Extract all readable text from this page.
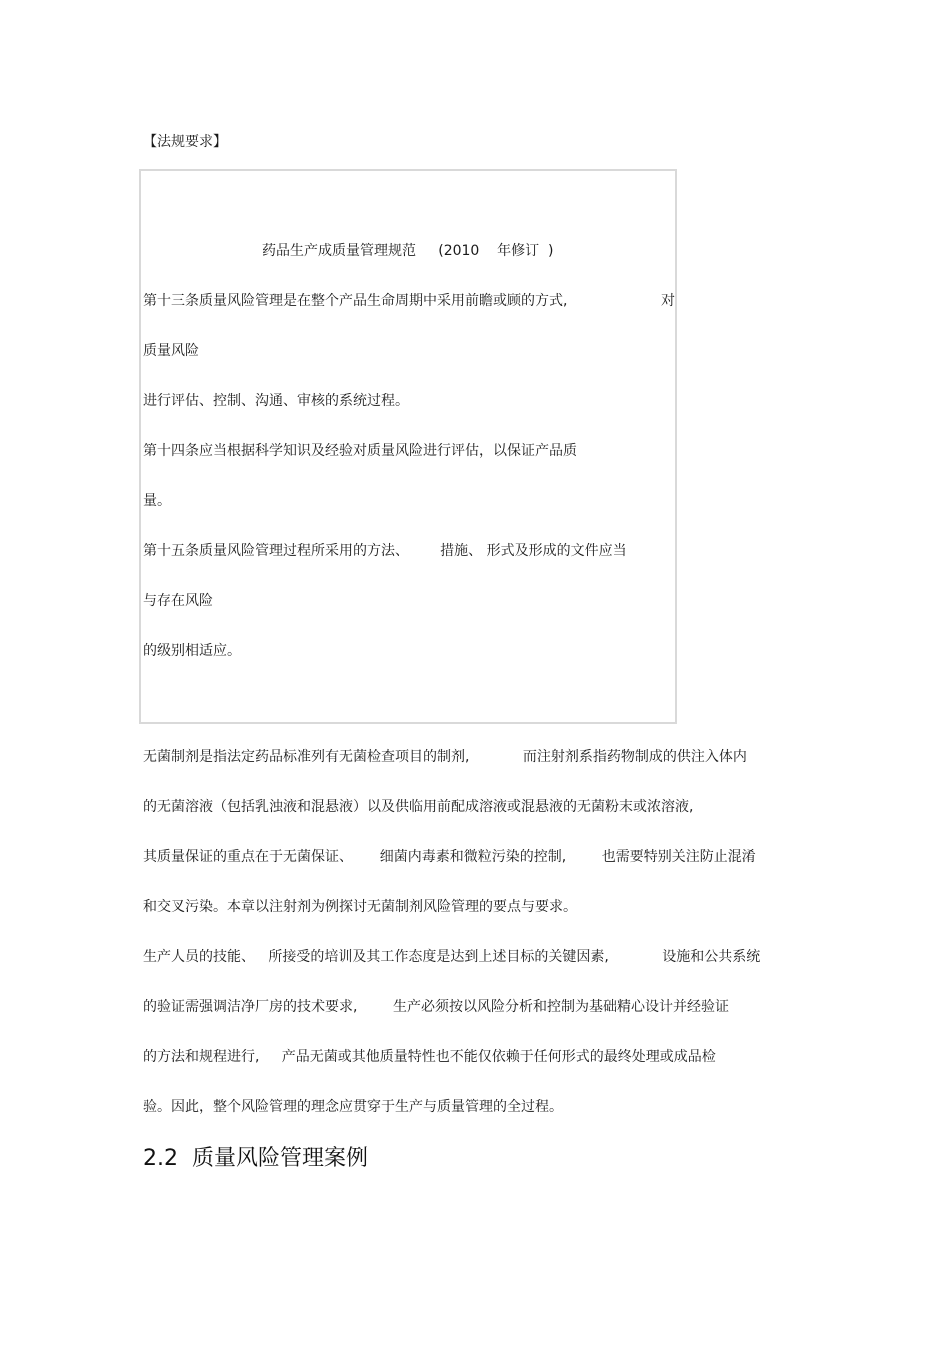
【法规要求】
药品生产成质量管理规范     (2010    年修订  )
第十三条质量风险管理是在整个产品生命周期中采用前瞻或顾的方式,	对
质量风险
进行评估、控制、沟通、审核的系统过程。
第十四条应当根据科学知识及经验对质量风险进行评估，以保证产品质
量。
第十五条质量风险管理过程所采用的方法、       措施、 形式及形成的文件应当
与存在风险
的级别相适应。
无菌制剂是指法定药品标准列有无菌检查项目的制剂,            而注射剂系指药物制成的供注入体内
的无菌溶液（包括乳浊液和混悬液）以及供临用前配成溶液或混悬液的无菌粉末或浓溶液,
其质量保证的重点在于无菌保证、      细菌内毒素和微粒污染的控制,        也需要特别关注防止混淆
和交叉污染。本章以注射剂为例探讨无菌制剂风险管理的要点与要求。
生产人员的技能、   所接受的培训及其工作态度是达到上述目标的关键因素,            设施和公共系统
的验证需强调洁净厂房的技术要求,        生产必须按以风险分析和控制为基础精心设计并经验证
的方法和规程进行,     产品无菌或其他质量特性也不能仅依赖于任何形式的最终处理或成品检
验。因此，整个风险管理的理念应贯穿于生产与质量管理的全过程。
2.2  质量风险管理案例
